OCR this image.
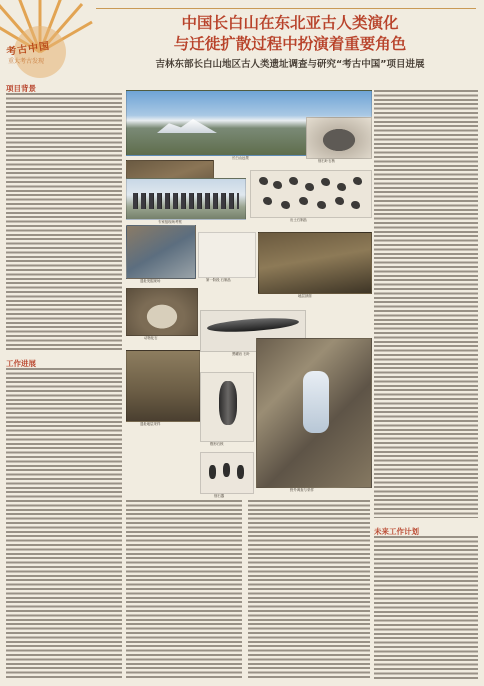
考古中国
重大考古发现
中国长白山在东北亚古人类演化
与迁徙扩散过程中扮演着重要角色
吉林东部长白山地区古人类遗址调查与研究“考古中国”项目进展
项目背景
工作进展
长白山远景
细石叶石核
专家组现场考察	出土石制品
遗址发掘现场	第一阶段 石制品
地层剖面
动物化石
黑曜岩 石叶
遗址地层采样
楔形石核
细石器
野外调查与采样
未来工作计划
